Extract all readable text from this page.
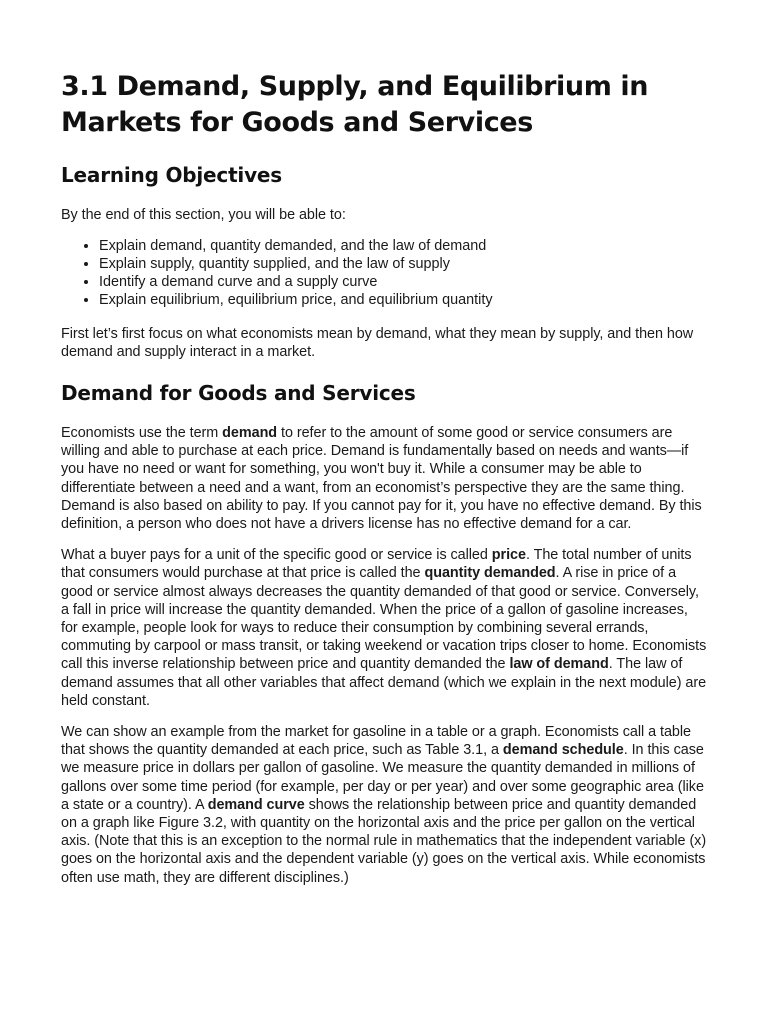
3.1 Demand, Supply, and Equilibrium in Markets for Goods and Services
Learning Objectives

By the end of this section, you will be able to:

• Explain demand, quantity demanded, and the law of demand
• Explain supply, quantity supplied, and the law of supply
• Identify a demand curve and a supply curve
• Explain equilibrium, equilibrium price, and equilibrium quantity

First let’s first focus on what economists mean by demand, what they mean by supply, and then how demand and supply interact in a market.

Demand for Goods and Services

Economists use the term demand to refer to the amount of some good or service consumers are willing and able to purchase at each price. Demand is fundamentally based on needs and wants—if you have no need or want for something, you won't buy it. While a consumer may be able to differentiate between a need and a want, from an economist’s perspective they are the same thing. Demand is also based on ability to pay. If you cannot pay for it, you have no effective demand. By this definition, a person who does not have a drivers license has no effective demand for a car.

What a buyer pays for a unit of the specific good or service is called price. The total number of units that consumers would purchase at that price is called the quantity demanded. A rise in price of a good or service almost always decreases the quantity demanded of that good or service. Conversely, a fall in price will increase the quantity demanded. When the price of a gallon of gasoline increases, for example, people look for ways to reduce their consumption by combining several errands, commuting by carpool or mass transit, or taking weekend or vacation trips closer to home. Economists call this inverse relationship between price and quantity demanded the law of demand. The law of demand assumes that all other variables that affect demand (which we explain in the next module) are held constant.

We can show an example from the market for gasoline in a table or a graph. Economists call a table that shows the quantity demanded at each price, such as Table 3.1, a demand schedule. In this case we measure price in dollars per gallon of gasoline. We measure the quantity demanded in millions of gallons over some time period (for example, per day or per year) and over some geographic area (like a state or a country). A demand curve shows the relationship between price and quantity demanded on a graph like Figure 3.2, with quantity on the horizontal axis and the price per gallon on the vertical axis. (Note that this is an exception to the normal rule in mathematics that the independent variable (x) goes on the horizontal axis and the dependent variable (y) goes on the vertical axis. While economists often use math, they are different disciplines.)
